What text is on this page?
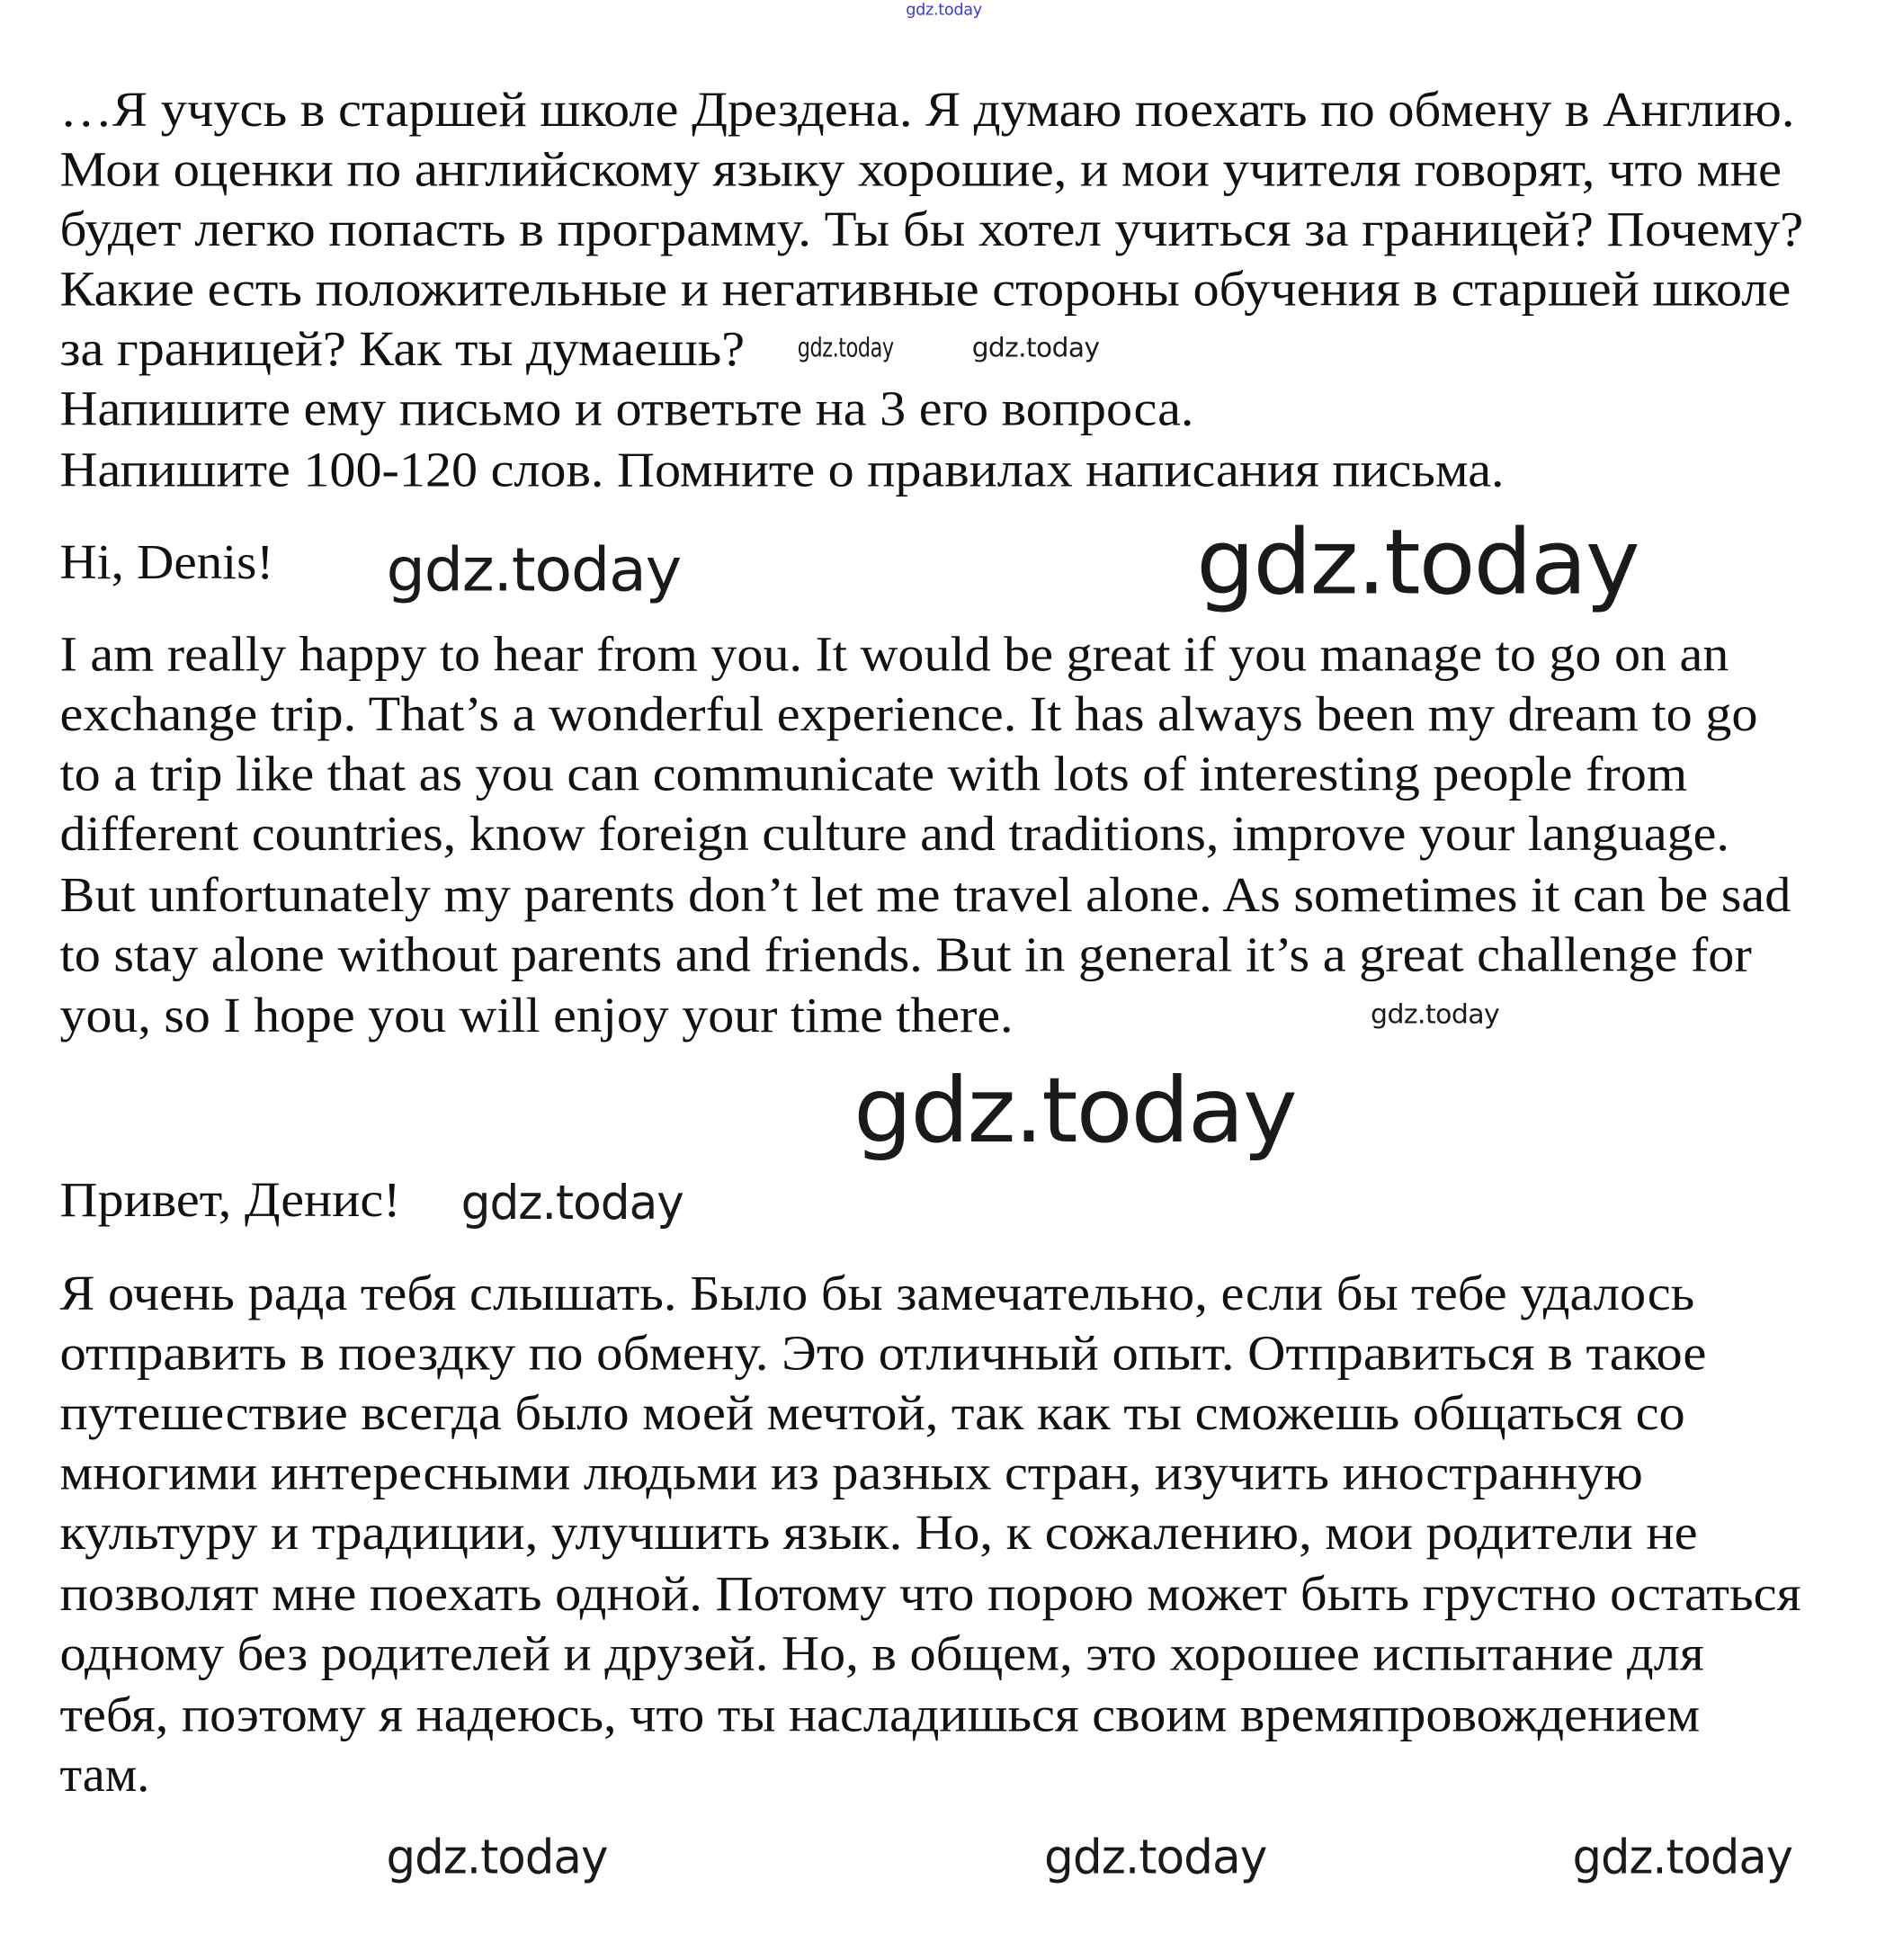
…Я учусь в старшей школе Дрездена. Я думаю поехать по обмену в Англию.
Мои оценки по английскому языку хорошие, и мои учителя говорят, что мне
будет легко попасть в программу. Ты бы хотел учиться за границей? Почему?
Какие есть положительные и негативные стороны обучения в старшей школе
за границей? Как ты думаешь?
Напишите ему письмо и ответьте на 3 его вопроса.
Напишите 100-120 слов. Помните о правилах написания письма.
Hi, Denis!
I am really happy to hear from you. It would be great if you manage to go on an
exchange trip. That’s a wonderful experience. It has always been my dream to go
to a trip like that as you can communicate with lots of interesting people from
different countries, know foreign culture and traditions, improve your language.
But unfortunately my parents don’t let me travel alone. As sometimes it can be sad
to stay alone without parents and friends. But in general it’s a great challenge for
you, so I hope you will enjoy your time there.
Привет, Денис!
Я очень рада тебя слышать. Было бы замечательно, если бы тебе удалось
отправить в поездку по обмену. Это отличный опыт. Отправиться в такое
путешествие всегда было моей мечтой, так как ты сможешь общаться со
многими интересными людьми из разных стран, изучить иностранную
культуру и традиции, улучшить язык. Но, к сожалению, мои родители не
позволят мне поехать одной. Потому что порою может быть грустно остаться
одному без родителей и друзей. Но, в общем, это хорошее испытание для
тебя, поэтому я надеюсь, что ты насладишься своим времяпровождением
там.
gdz.today
gdz.today	gdz.today
gdz.today
gdz.today
gdz.today
gdz.today
gdz.today
gdz.today	gdz.today	gdz.today
